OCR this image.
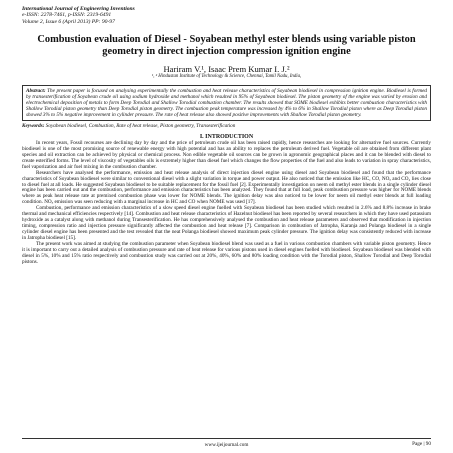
International Journal of Engineering Inventions
e-ISSN: 2278-7461, p-ISSN: 2319-6491
Volume 2, Issue 6 (April 2013) PP: 90-97
Combustion evaluation of Diesel - Soyabean methyl ester blends using variable piston geometry in direct injection compression ignition engine
Hariram V.¹, Isaac Prem Kumar I. J.²
¹, ² Hindustan Institute of Technology & Science, Chennai, Tamil Nadu, India,
Abstract: The present paper is focused on analysing experimentally the combustion and heat release characteristics of Soyabean biodiesel in compression ignition engine. Biodiesel is formed by transesterification of Soyabean crude oil using sodium hydroxide and methanol which resulted in 95% of Soyabean biodiesel. The piston geometry of the engine was varied by erosion and electrochemical deposition of metals to form Deep Torodial and Shallow Torodial combustion chamber. The results showed that SOME biodiesel exhibits better combustion characteristics with Shallow Torodial piston geometry than Deep Torodial piston geometry. The combustion peak temperature was increased by 4% to 6% in Shallow Torodial piston where as Deep Torodial piston showed 3% to 5% negative improvement in cylinder pressure. The rate of heat release also showed positive improvements with Shallow Torodial piston geometry.
Keywords: Soyabean biodiesel, Combustion, Rate of heat release, Piston geometry, Transesterification
I. INTRODUCTION

In recent years, Fossil recourses are declining day by day and the price of petroleum crude oil has been raised rapidly, hence researches are looking for alternative fuel sources. Currently biodiesel is one of the most promising source of renewable energy with high potential and has an ability to replaces the petroleum derived fuel. Vegetable oil are obtained from different plant species and oil extraction can be achieved by physical or chemical process. Non edible vegetable oil sources can be grown in agronomic geographical places and it can be blended with diesel to create esterified forms. The level of viscosity of vegetables oils is extremely higher than diesel fuel which changes the flow properties of the fuel and also leads to variation in spray characteristics, fuel vaporization and air fuel mixing in the combustion chamber.

Researchers have analysed the performance, emission and heat release analysis of direct injection diesel engine using diesel and Soyabean biodiesel and found that the performance characteristics of Soyabean biodiesel were similar to conventional diesel with a slight variation in torque and power output. He also noticed that the emission like HC, CO, NOₓ and CO₂ lies close to diesel fuel at all loads. He suggested Soyabean biodiesel to be suitable replacement for the fossil fuel [2]. Experimentally investigation on neem oil methyl ester blends in a single cylinder diesel engine has been carried out and the combustion, performance and emission characteristics has been analyzed. They found that at full load, peak combustion pressure was higher for NOME blends where as peak heat release rate at premixed combustion phase was lower for NOME blends. The ignition delay was also noticed to be lower for neem oil methyl ester blends at full loading condition. NOₓ emission was seen reducing with a marginal increase in HC and CO when NOME was used [17].

Combustion, performance and emission characteristics of a slow speed diesel engine fuelled with Soyabean biodiesel has been studied which resulted in 2.6% and 8.8% increase in brake thermal and mechanical efficiencies respectively [14]. Combustion and heat release characteristics of Hazelnut biodiesel has been reported by several researchers in which they have used potassium hydroxide as a catalyst along with methanol during Transesterification. He has comprehensively analysed the combustion and heat release parameters and observed that modification in injection timing, compression ratio and injection pressure significantly affected the combustion and heat release [7]. Comparison in combustion of Jatropha, Karanja and Polanga biodiesel in a single cylinder diesel engine has been presented and the test revealed that the neat Polanga biodiesel showed maximum peak cylinder pressure. The ignition delay was consistently reduced with increase in Jatropha biodiesel [15].

The present work was aimed at studying the combustion parameter when Soyabean biodiesel blend was used as a fuel in various combustion chambers with variable piston geometry. Hence it is important to carry out a detailed analysis of combustion pressure and rate of heat release for various pistons used in diesel engines fuelled with biodiesel. Soyabean biodiesel was blended with diesel in 5%, 10% and 15% ratio respectively and combustion study was carried out at 20%, 40%, 60% and 80% loading condition with the Torodial piston, Shallow Torodial and Deep Torodial pistons.

Page | 90
www.ijeijournal.com
